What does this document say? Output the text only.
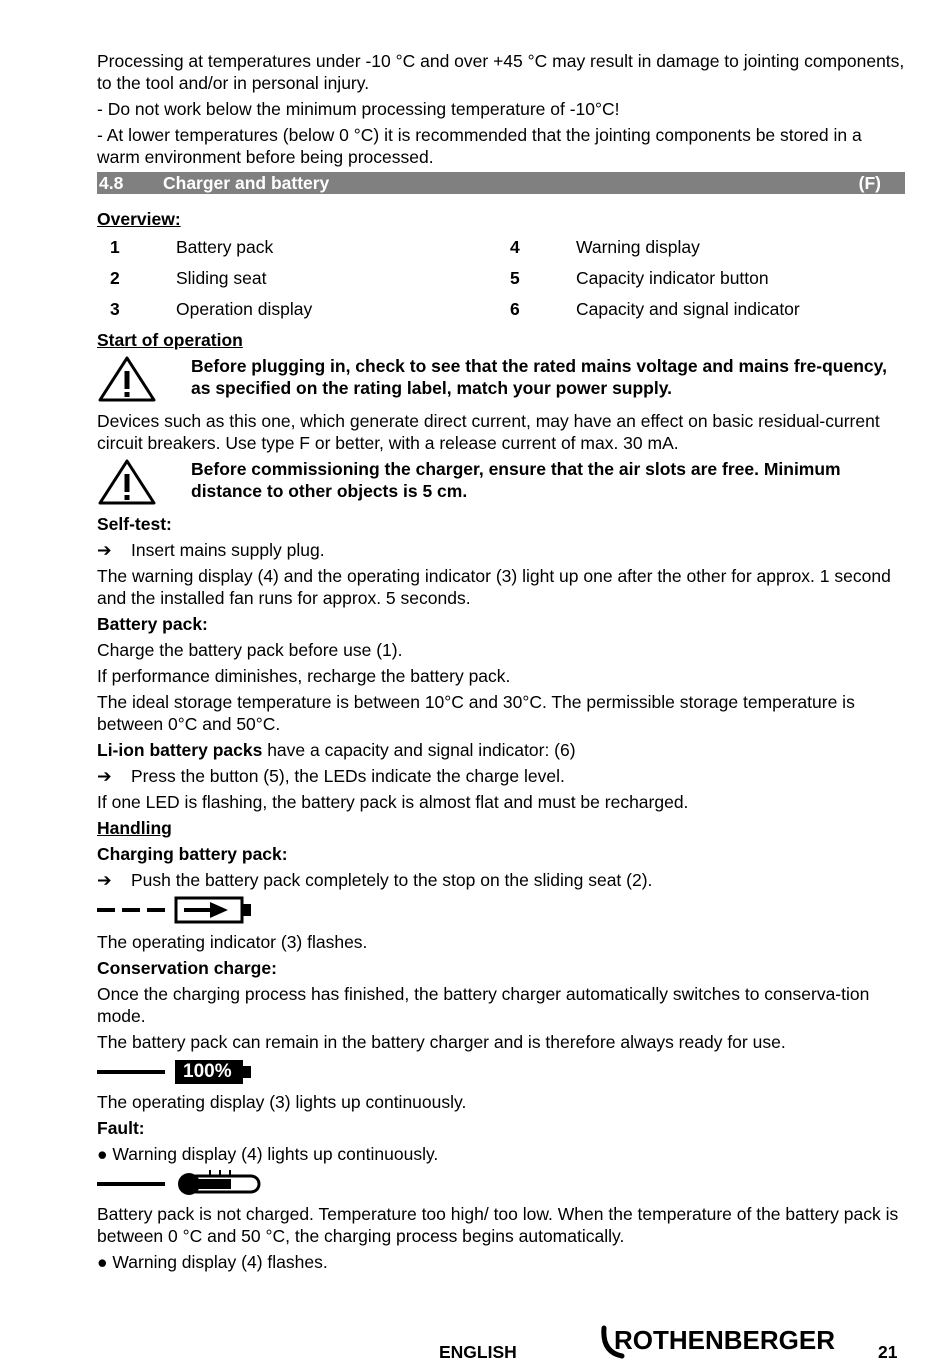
Processing at temperatures under -10 °C and over +45 °C may result in damage to jointing components, to the tool and/or in personal injury.

- Do not work below the minimum processing temperature of -10°C!

- At lower temperatures (below 0 °C) it is recommended that the jointing components be stored in a warm environment before being processed.

4.8 Charger and battery	(F)

Overview:

1	Battery pack	4	Warning display
2	Sliding seat	5	Capacity indicator button
3	Operation display	6	Capacity and signal indicator

Start of operation

Before plugging in, check to see that the rated mains voltage and mains fre-quency, as specified on the rating label, match your power supply.

Devices such as this one, which generate direct current, may have an effect on basic residual-current circuit breakers. Use type F or better, with a release current of max. 30 mA.

Before commissioning the charger, ensure that the air slots are free. Minimum distance to other objects is 5 cm.

Self-test:

➔	Insert mains supply plug.

The warning display (4) and the operating indicator (3) light up one after the other for approx. 1 second and the installed fan runs for approx. 5 seconds.

Battery pack:

Charge the battery pack before use (1).

If performance diminishes, recharge the battery pack.

The ideal storage temperature is between 10°C and 30°C. The permissible storage temperature is between 0°C and 50°C.

Li-ion battery packs have a capacity and signal indicator: (6)

➔	Press the button (5), the LEDs indicate the charge level.

If one LED is flashing, the battery pack is almost flat and must be recharged.

Handling

Charging battery pack:

➔	Push the battery pack completely to the stop on the sliding seat (2).

The operating indicator (3) flashes.

Conservation charge:

Once the charging process has finished, the battery charger automatically switches to conserva-tion mode.

The battery pack can remain in the battery charger and is therefore always ready for use.

100%

The operating display (3) lights up continuously.

Fault:

● Warning display (4) lights up continuously.

Battery pack is not charged. Temperature too high/ too low. When the temperature of the battery pack is between 0 °C and 50 °C, the charging process begins automatically.

● Warning display (4) flashes.

ENGLISH	ROTHENBERGER 21
